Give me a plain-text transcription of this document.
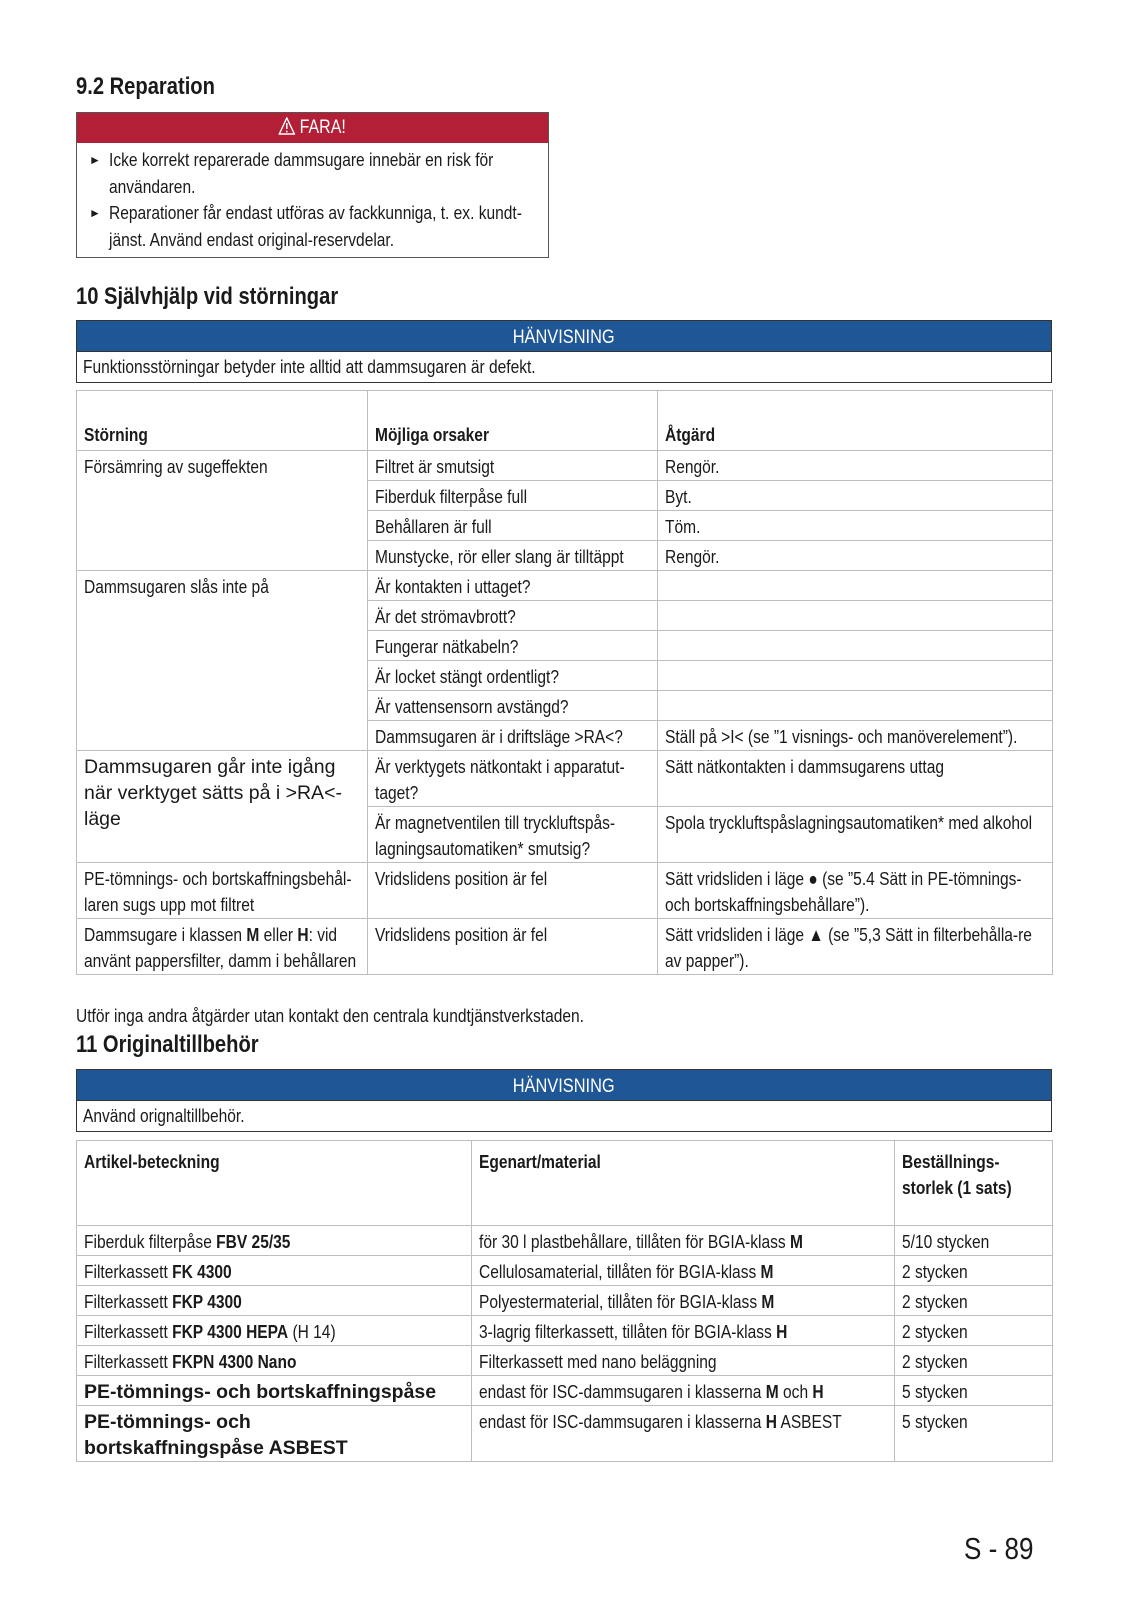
9.2 Reparation
FARA!
► Icke korrekt reparerade dammsugare innebär en risk för användaren.
► Reparationer får endast utföras av fackkunniga, t. ex. kundt-jänst. Använd endast original-reservdelar.
10 Självhjälp vid störningar
HÄNVISNING
Funktionsstörningar betyder inte alltid att dammsugaren är defekt.
Störning	Möjliga orsaker	Åtgärd
Försämring av sugeffekten	Filtret är smutsigt	Rengör.
	Fiberduk filterpåse full	Byt.
	Behållaren är full	Töm.
	Munstycke, rör eller slang är tilltäppt	Rengör.
Dammsugaren slås inte på	Är kontakten i uttaget?	
	Är det strömavbrott?	
	Fungerar nätkabeln?	
	Är locket stängt ordentligt?	
	Är vattensensorn avstängd?	
	Dammsugaren är i driftsläge >RA<?	Ställ på >I< (se ”1 visnings- och manöverelement”).

Dammsugaren går inte igång när verktyget sätts på i >RA<-läge	Är verktygets nätkontakt i apparatut-taget?	Sätt nätkontakten i dammsugarens uttag

	Är magnetventilen till tryckluftspås-lagningsautomatiken* smutsig?	Spola tryckluftspåslagningsautomatiken* med alkohol

PE-tömnings- och bortskaffningsbehål-laren sugs upp mot filtret	Vridslidens position är fel	Sätt vridsliden i läge ● (se ”5.4 Sätt in PE-tömnings- och bortskaffningsbehållare”).

Dammsugare i klassen M eller H: vid använt pappersfilter, damm i behållaren	Vridslidens position är fel	Sätt vridsliden i läge ▲ (se ”5,3 Sätt in filterbehålla-re av papper”).
Utför inga andra åtgärder utan kontakt den centrala kundtjänstverkstaden.
11 Originaltillbehör
HÄNVISNING
Använd orignaltillbehör.
Artikel-beteckning	Egenart/material	Beställnings-storlek (1 sats)

Fiberduk filterpåse FBV 25/35	för 30 l plastbehållare, tillåten för BGIA-klass M	5/10 stycken
Filterkassett FK 4300	Cellulosamaterial, tillåten för BGIA-klass M	2 stycken
Filterkassett FKP 4300	Polyestermaterial, tillåten för BGIA-klass M	2 stycken
Filterkassett FKP 4300 HEPA (H 14)	3-lagrig filterkassett, tillåten för BGIA-klass H	2 stycken
Filterkassett FKPN 4300 Nano	Filterkassett med nano beläggning	2 stycken
PE-tömnings- och bortskaffningspåse	endast för ISC-dammsugaren i klasserna M och H	5 stycken

PE-tömnings- och bortskaffningspåse ASBEST	endast för ISC-dammsugaren i klasserna H ASBEST	5 stycken
S - 89
